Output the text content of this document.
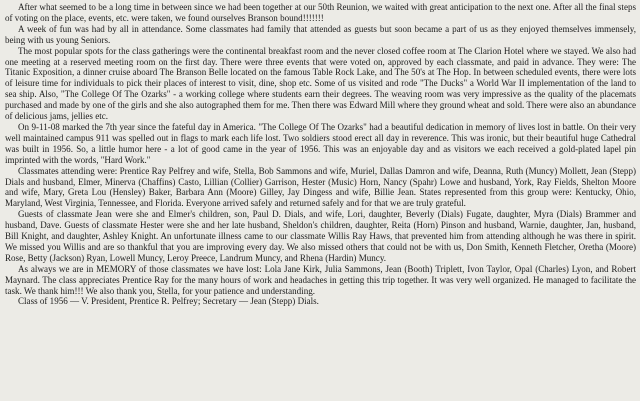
After what seemed to be a long time in between since we had been together at our 50th Reunion, we waited with great anticipation to the next one. After all the final steps of voting on the place, events, etc. were taken, we found ourselves Branson bound!!!!!!!

A week of fun was had by all in attendance. Some classmates had family that attended as guests but soon became a part of us as they enjoyed themselves immensely, being with us young Seniors.

The most popular spots for the class gatherings were the continental breakfast room and the never closed coffee room at The Clarion Hotel where we stayed. We also had one meeting at a reserved meeting room on the first day. There were three events that were voted on, approved by each classmate, and paid in advance. They were: The Titanic Exposition, a dinner cruise aboard The Branson Belle located on the famous Table Rock Lake, and The 50's at The Hop. In between scheduled events, there were lots of leisure time for individuals to pick their places of interest to visit, dine, shop etc. Some of us visited and rode "The Ducks" a World War II implementation of the land to sea ship. Also, "The College Of The Ozarks" - a working college where students earn their degrees. The weaving room was very impressive as the quality of the placemats purchased and made by one of the girls and she also autographed them for me. Then there was Edward Mill where they ground wheat and sold. There were also an abundance of delicious jams, jellies etc.

On 9-11-08 marked the 7th year since the fateful day in America. "The College Of The Ozarks" had a beautiful dedication in memory of lives lost in battle. On their very well maintained campus 911 was spelled out in flags to mark each life lost. Two soldiers stood erect all day in reverence. This was ironic, but their beautiful huge Cathedral was built in 1956. So, a little humor here - a lot of good came in the year of 1956. This was an enjoyable day and as visitors we each received a gold-plated lapel pin imprinted with the words, "Hard Work."

Classmates attending were: Prentice Ray Pelfrey and wife, Stella, Bob Sammons and wife, Muriel, Dallas Damron and wife, Deanna, Ruth (Muncy) Mollett, Jean (Stepp) Dials and husband, Elmer, Minerva (Chaffins) Casto, Lillian (Collier) Garrison, Hester (Music) Horn, Nancy (Spahr) Lowe and husband, York, Ray Fields, Shelton Moore and wife, Mary, Greta Lou (Hensley) Baker, Barbara Ann (Moore) Gilley, Jay Dingess and wife, Billie Jean. States represented from this group were: Kentucky, Ohio, Maryland, West Virginia, Tennessee, and Florida. Everyone arrived safely and returned safely and for that we are truly grateful.

Guests of classmate Jean were she and Elmer's children, son, Paul D. Dials, and wife, Lori, daughter, Beverly (Dials) Fugate, daughter, Myra (Dials) Brammer and husband, Dave. Guests of classmate Hester were she and her late husband, Sheldon's children, daughter, Reita (Horn) Pinson and husband, Warnie, daughter, Jan, husband, Bill Knight, and daughter, Ashley Knight. An unfortunate illness came to our classmate Willis Ray Haws, that prevented him from attending although he was there in spirit. We missed you Willis and are so thankful that you are improving every day. We also missed others that could not be with us, Don Smith, Kenneth Fletcher, Oretha (Moore) Rose, Betty (Jackson) Ryan, Lowell Muncy, Leroy Preece, Landrum Muncy, and Rhena (Hardin) Muncy.

As always we are in MEMORY of those classmates we have lost: Lola Jane Kirk, Julia Sammons, Jean (Booth) Triplett, Ivon Taylor, Opal (Charles) Lyon, and Robert Maynard. The class appreciates Prentice Ray for the many hours of work and headaches in getting this trip together. It was very well organized. He managed to facilitate the task. We thank him!!! We also thank you, Stella, for your patience and understanding.

Class of 1956 — V. President, Prentice R. Pelfrey; Secretary — Jean (Stepp) Dials.
